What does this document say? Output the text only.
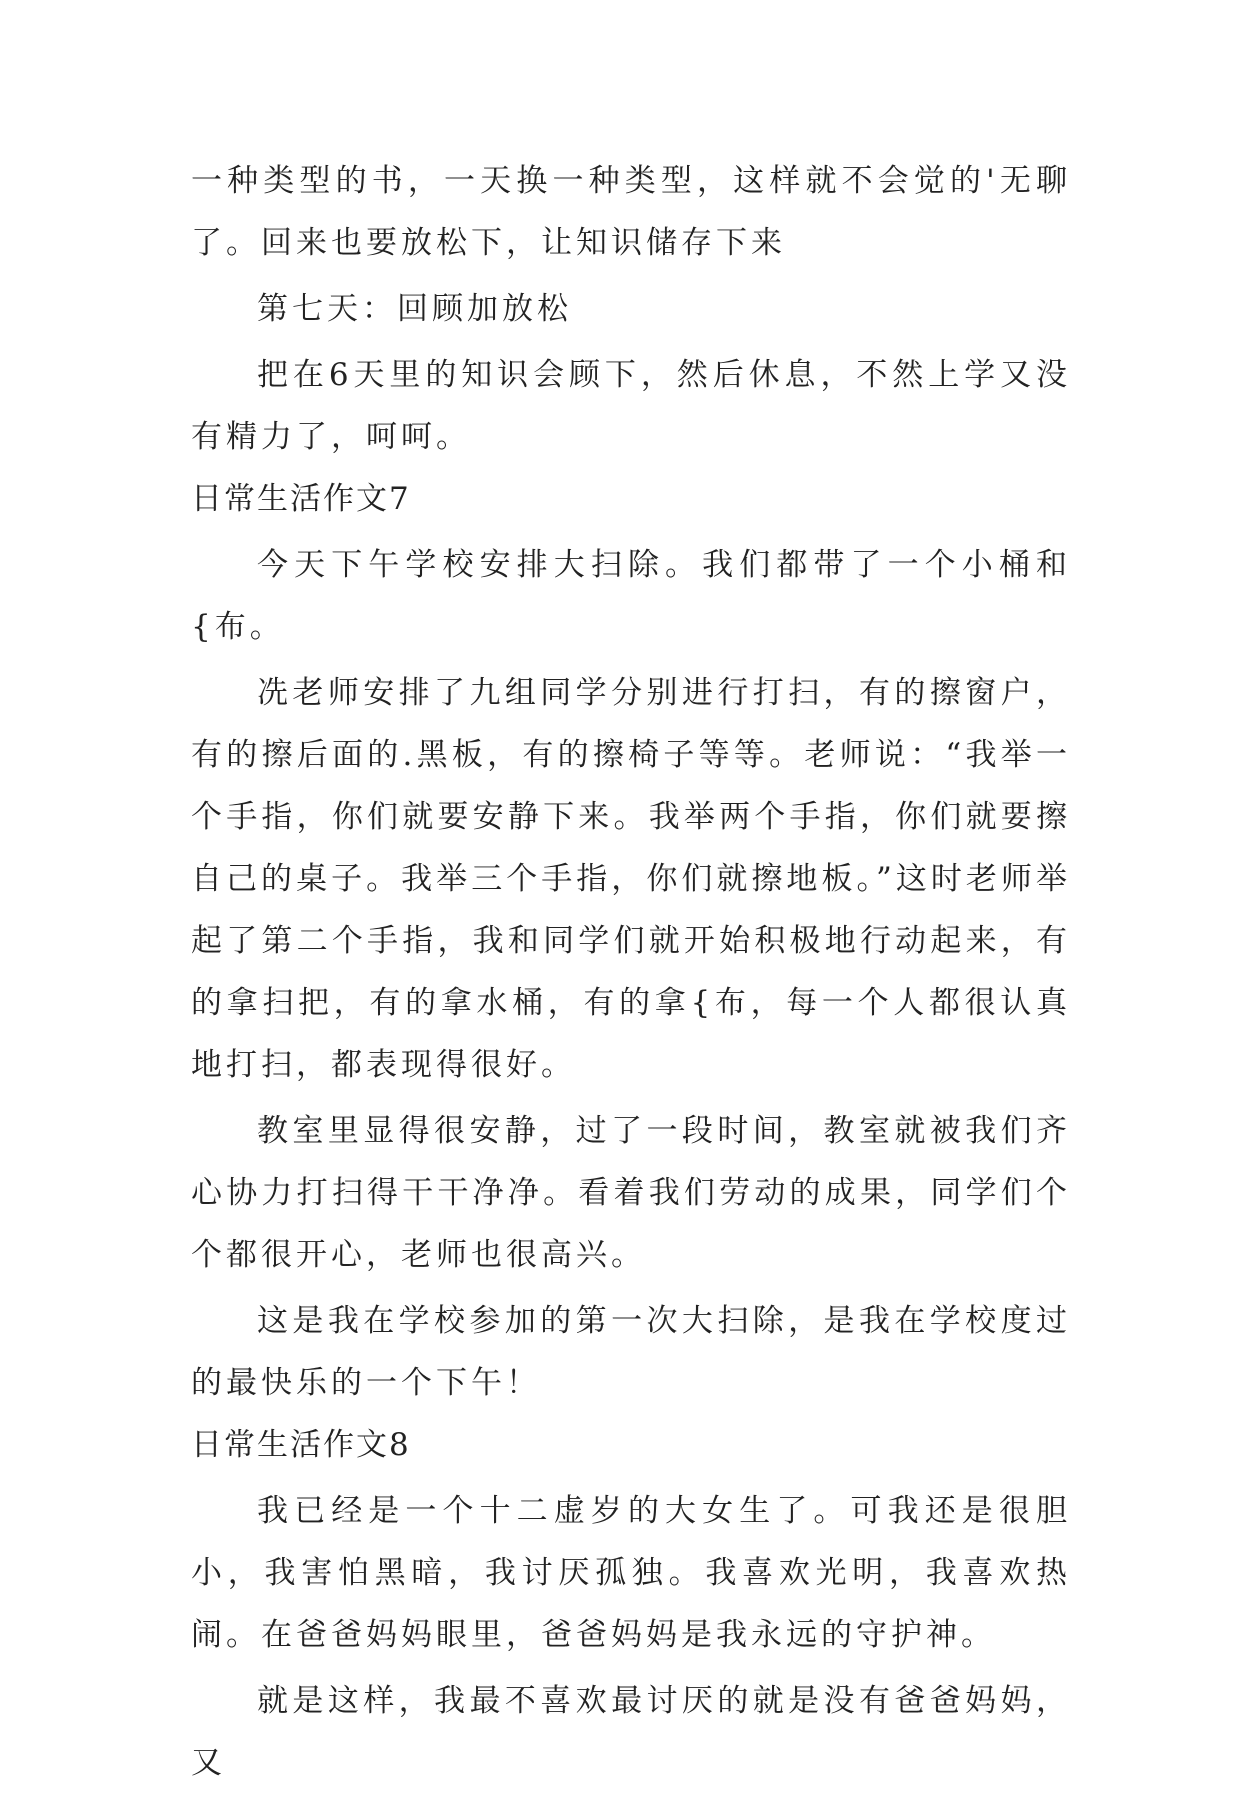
一种类型的书，一天换一种类型，这样就不会觉的'无聊了。回来也要放松下，让知识储存下来

第七天：回顾加放松

把在6天里的知识会顾下，然后休息，不然上学又没有精力了，呵呵。

日常生活作文7

今天下午学校安排大扫除。我们都带了一个小桶和{布。

冼老师安排了九组同学分别进行打扫，有的擦窗户，有的擦后面的.黑板，有的擦椅子等等。老师说：“我举一个手指，你们就要安静下来。我举两个手指，你们就要擦自己的桌子。我举三个手指，你们就擦地板。”这时老师举起了第二个手指，我和同学们就开始积极地行动起来，有的拿扫把，有的拿水桶，有的拿{布，每一个人都很认真地打扫，都表现得很好。

教室里显得很安静，过了一段时间，教室就被我们齐心协力打扫得干干净净。看着我们劳动的成果，同学们个个都很开心，老师也很高兴。

这是我在学校参加的第一次大扫除，是我在学校度过的最快乐的一个下午！

日常生活作文8

我已经是一个十二虚岁的大女生了。可我还是很胆小，我害怕黑暗，我讨厌孤独。我喜欢光明，我喜欢热闹。在爸爸妈妈眼里，爸爸妈妈是我永远的守护神。

就是这样，我最不喜欢最讨厌的就是没有爸爸妈妈，又
